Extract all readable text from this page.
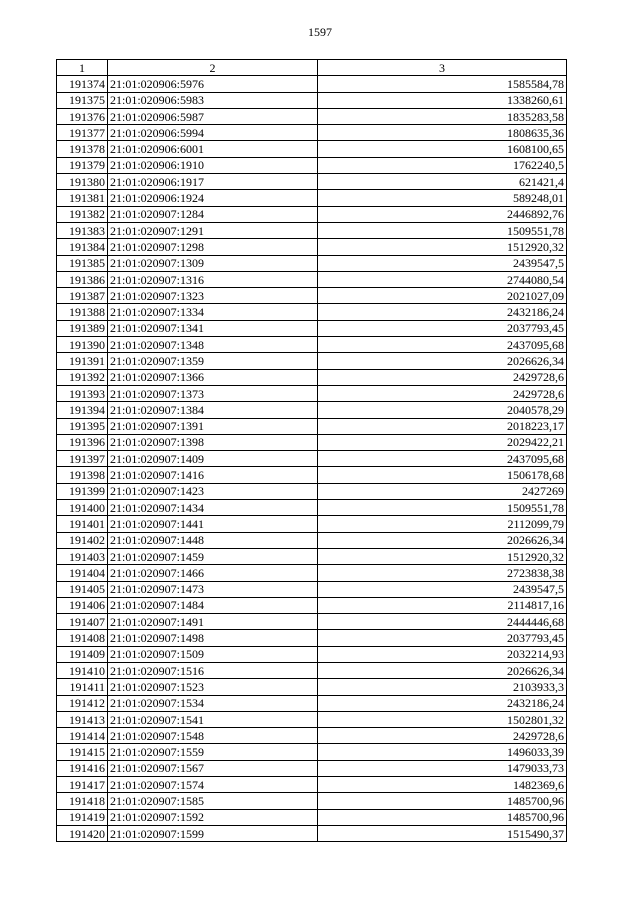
1597
1	2	3
191374	21:01:020906:5976	1585584,78
191375	21:01:020906:5983	1338260,61
191376	21:01:020906:5987	1835283,58
191377	21:01:020906:5994	1808635,36
191378	21:01:020906:6001	1608100,65
191379	21:01:020906:1910	1762240,5
191380	21:01:020906:1917	621421,4
191381	21:01:020906:1924	589248,01
191382	21:01:020907:1284	2446892,76
191383	21:01:020907:1291	1509551,78
191384	21:01:020907:1298	1512920,32
191385	21:01:020907:1309	2439547,5
191386	21:01:020907:1316	2744080,54
191387	21:01:020907:1323	2021027,09
191388	21:01:020907:1334	2432186,24
191389	21:01:020907:1341	2037793,45
191390	21:01:020907:1348	2437095,68
191391	21:01:020907:1359	2026626,34
191392	21:01:020907:1366	2429728,6
191393	21:01:020907:1373	2429728,6
191394	21:01:020907:1384	2040578,29
191395	21:01:020907:1391	2018223,17
191396	21:01:020907:1398	2029422,21
191397	21:01:020907:1409	2437095,68
191398	21:01:020907:1416	1506178,68
191399	21:01:020907:1423	2427269
191400	21:01:020907:1434	1509551,78
191401	21:01:020907:1441	2112099,79
191402	21:01:020907:1448	2026626,34
191403	21:01:020907:1459	1512920,32
191404	21:01:020907:1466	2723838,38
191405	21:01:020907:1473	2439547,5
191406	21:01:020907:1484	2114817,16
191407	21:01:020907:1491	2444446,68
191408	21:01:020907:1498	2037793,45
191409	21:01:020907:1509	2032214,93
191410	21:01:020907:1516	2026626,34
191411	21:01:020907:1523	2103933,3
191412	21:01:020907:1534	2432186,24
191413	21:01:020907:1541	1502801,32
191414	21:01:020907:1548	2429728,6
191415	21:01:020907:1559	1496033,39
191416	21:01:020907:1567	1479033,73
191417	21:01:020907:1574	1482369,6
191418	21:01:020907:1585	1485700,96
191419	21:01:020907:1592	1485700,96
191420	21:01:020907:1599	1515490,37
